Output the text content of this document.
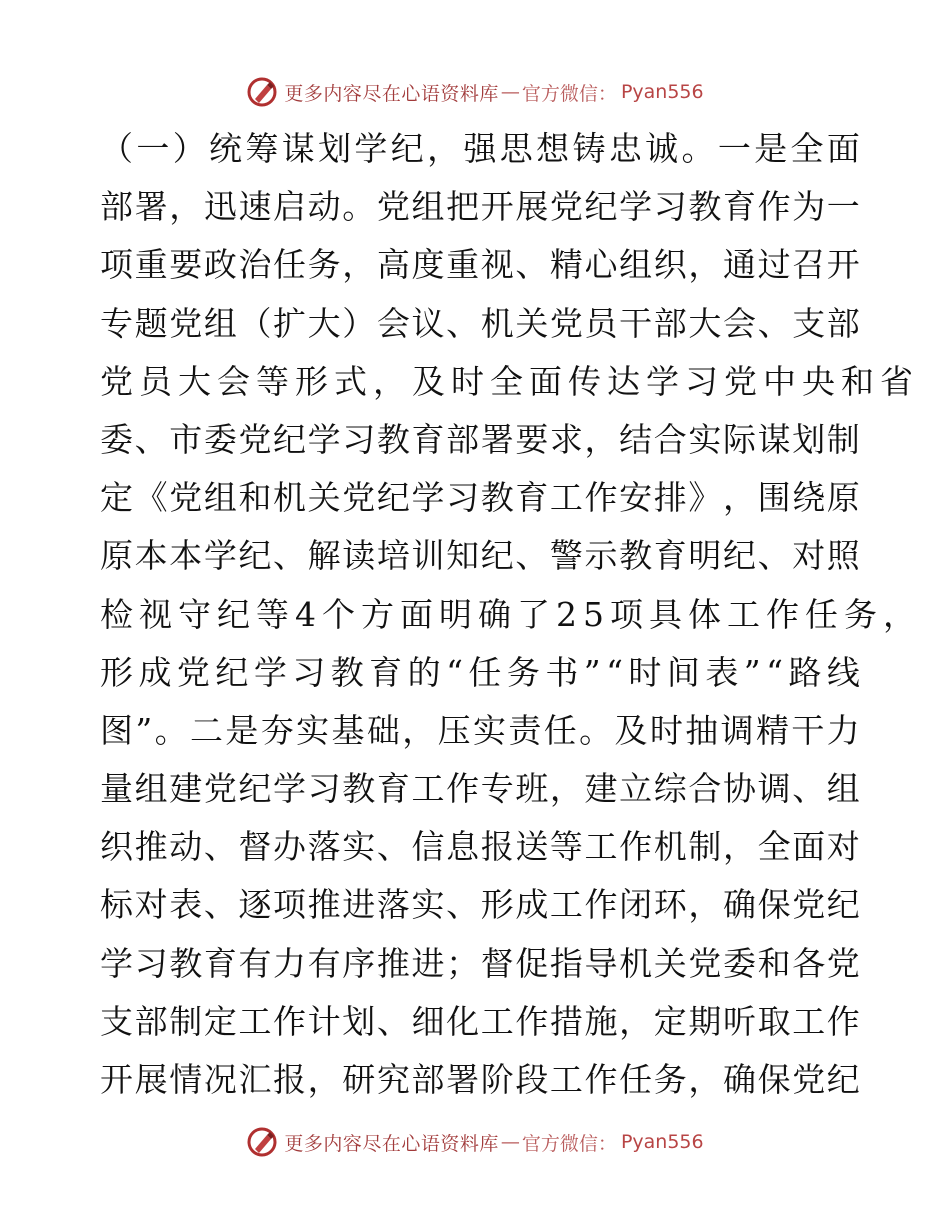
更多内容尽在心语资料库 — 官方微信： Pyan556
（ 一 ） 统 筹 谋 划 学 纪 ， 强 思 想 铸 忠 诚 。 一 是 全 面
部 署 ， 迅 速 启 动 。 党 组 把 开 展 党 纪 学 习 教 育 作 为 一
项 重 要 政 治 任 务 ， 高 度 重 视 、 精 心 组 织 ， 通 过 召 开
专 题 党 组 （ 扩 大 ） 会 议 、 机 关 党 员 干 部 大 会 、 支 部
党员大会等形式，及时全面传达学习党中央和省
委 、 市 委 党 纪 学 习 教 育 部 署 要 求 ， 结 合 实 际 谋 划 制
定 《 党 组 和 机 关 党 纪 学 习 教 育 工 作 安 排 》 ， 围 绕 原
原 本 本 学 纪 、 解 读 培 训 知 纪 、 警 示 教 育 明 纪 、 对 照
检视守纪等4个方面明确了25项具体工作任务，
形 成 党 纪 学 习 教 育 的 “ 任 务 书 ” “ 时 间 表 ” “ 路 线
图 ” 。 二 是 夯 实 基 础 ， 压 实 责 任 。 及 时 抽 调 精 干 力
量 组 建 党 纪 学 习 教 育 工 作 专 班 ， 建 立 综 合 协 调 、 组
织 推 动 、 督 办 落 实 、 信 息 报 送 等 工 作 机 制 ， 全 面 对
标 对 表 、 逐 项 推 进 落 实 、 形 成 工 作 闭 环 ， 确 保 党 纪
学 习 教 育 有 力 有 序 推 进 ； 督 促 指 导 机 关 党 委 和 各 党
支 部 制 定 工 作 计 划 、 细 化 工 作 措 施 ， 定 期 听 取 工 作
开 展 情 况 汇 报 ， 研 究 部 署 阶 段 工 作 任 务 ， 确 保 党 纪
更多内容尽在心语资料库 — 官方微信： Pyan556
